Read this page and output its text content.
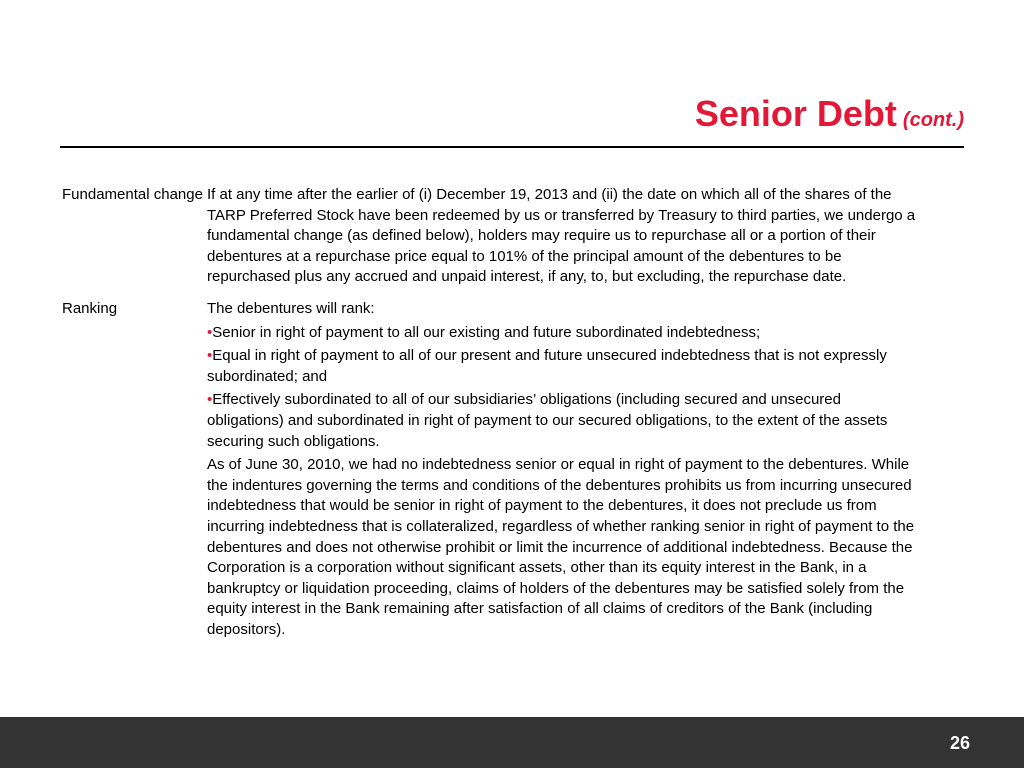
Senior Debt (cont.)
Fundamental change If at any time after the earlier of (i) December 19, 2013 and (ii) the date on which all of the shares of the TARP Preferred Stock have been redeemed by us or transferred by Treasury to third parties, we undergo a fundamental change (as defined below), holders may require us to repurchase all or a portion of their debentures at a repurchase price equal to 101% of the principal amount of the debentures to be repurchased plus any accrued and unpaid interest, if any, to, but excluding, the repurchase date.

Ranking	The debentures will rank:

•Senior in right of payment to all our existing and future subordinated indebtedness;

•Equal in right of payment to all of our present and future unsecured indebtedness that is not expressly subordinated; and

•Effectively subordinated to all of our subsidiaries’ obligations (including secured and unsecured obligations) and subordinated in right of payment to our secured obligations, to the extent of the assets securing such obligations.

As of June 30, 2010, we had no indebtedness senior or equal in right of payment to the debentures. While the indentures governing the terms and conditions of the debentures prohibits us from incurring unsecured indebtedness that would be senior in right of payment to the debentures, it does not preclude us from incurring indebtedness that is collateralized, regardless of whether ranking senior in right of payment to the debentures and does not otherwise prohibit or limit the incurrence of additional indebtedness. Because the Corporation is a corporation without significant assets, other than its equity interest in the Bank, in a bankruptcy or liquidation proceeding, claims of holders of the debentures may be satisfied solely from the equity interest in the Bank remaining after satisfaction of all claims of creditors of the Bank (including depositors).

26
